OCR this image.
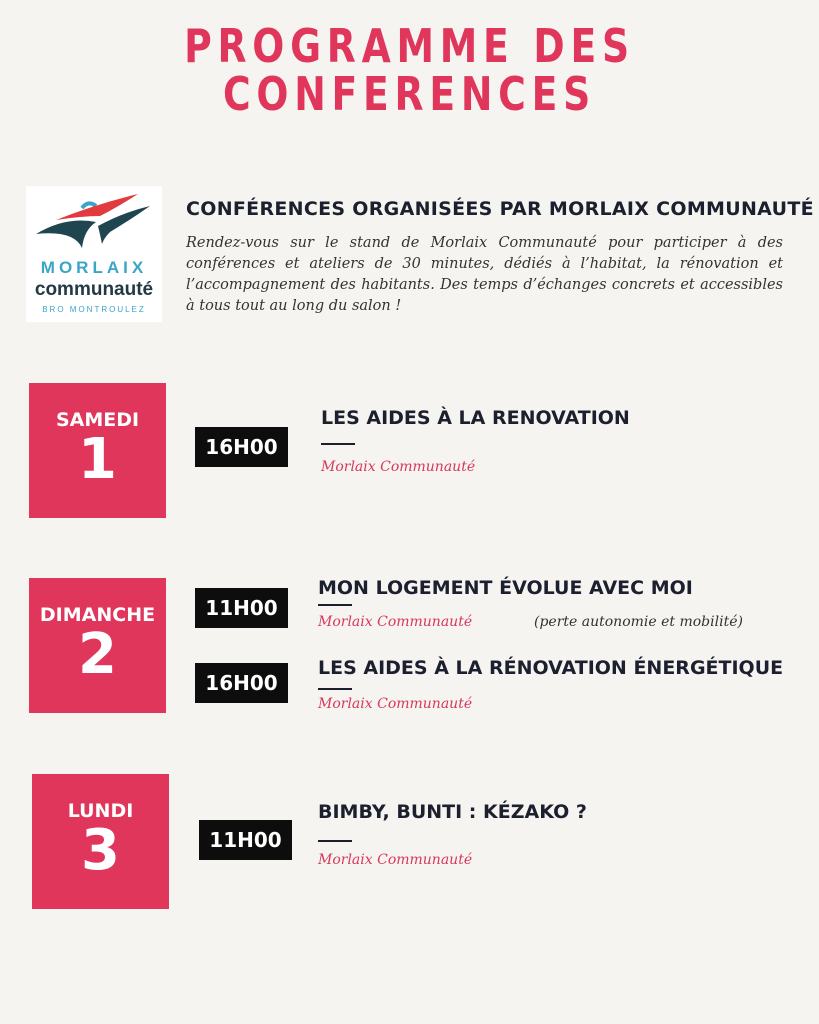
PROGRAMME DES
CONFERENCES
MORLAIX
communauté
BRO MONTROULEZ
CONFÉRENCES ORGANISÉES PAR MORLAIX COMMUNAUTÉ
Rendez-vous sur le stand de Morlaix Communauté pour participer à des conférences et ateliers de 30 minutes, dédiés à l’habitat, la rénovation et l’accompagnement des habitants. Des temps d’échanges concrets et accessibles à tous tout au long du salon !
SAMEDI
1	16H00
LES AIDES À LA RENOVATION
Morlaix Communauté
DIMANCHE
2
11H00
MON LOGEMENT ÉVOLUE AVEC MOI
Morlaix Communauté	(perte autonomie et mobilité)
16H00
LES AIDES À LA RÉNOVATION ÉNERGÉTIQUE
Morlaix Communauté
LUNDI
3	11H00
BIMBY, BUNTI : KÉZAKO ?
Morlaix Communauté
